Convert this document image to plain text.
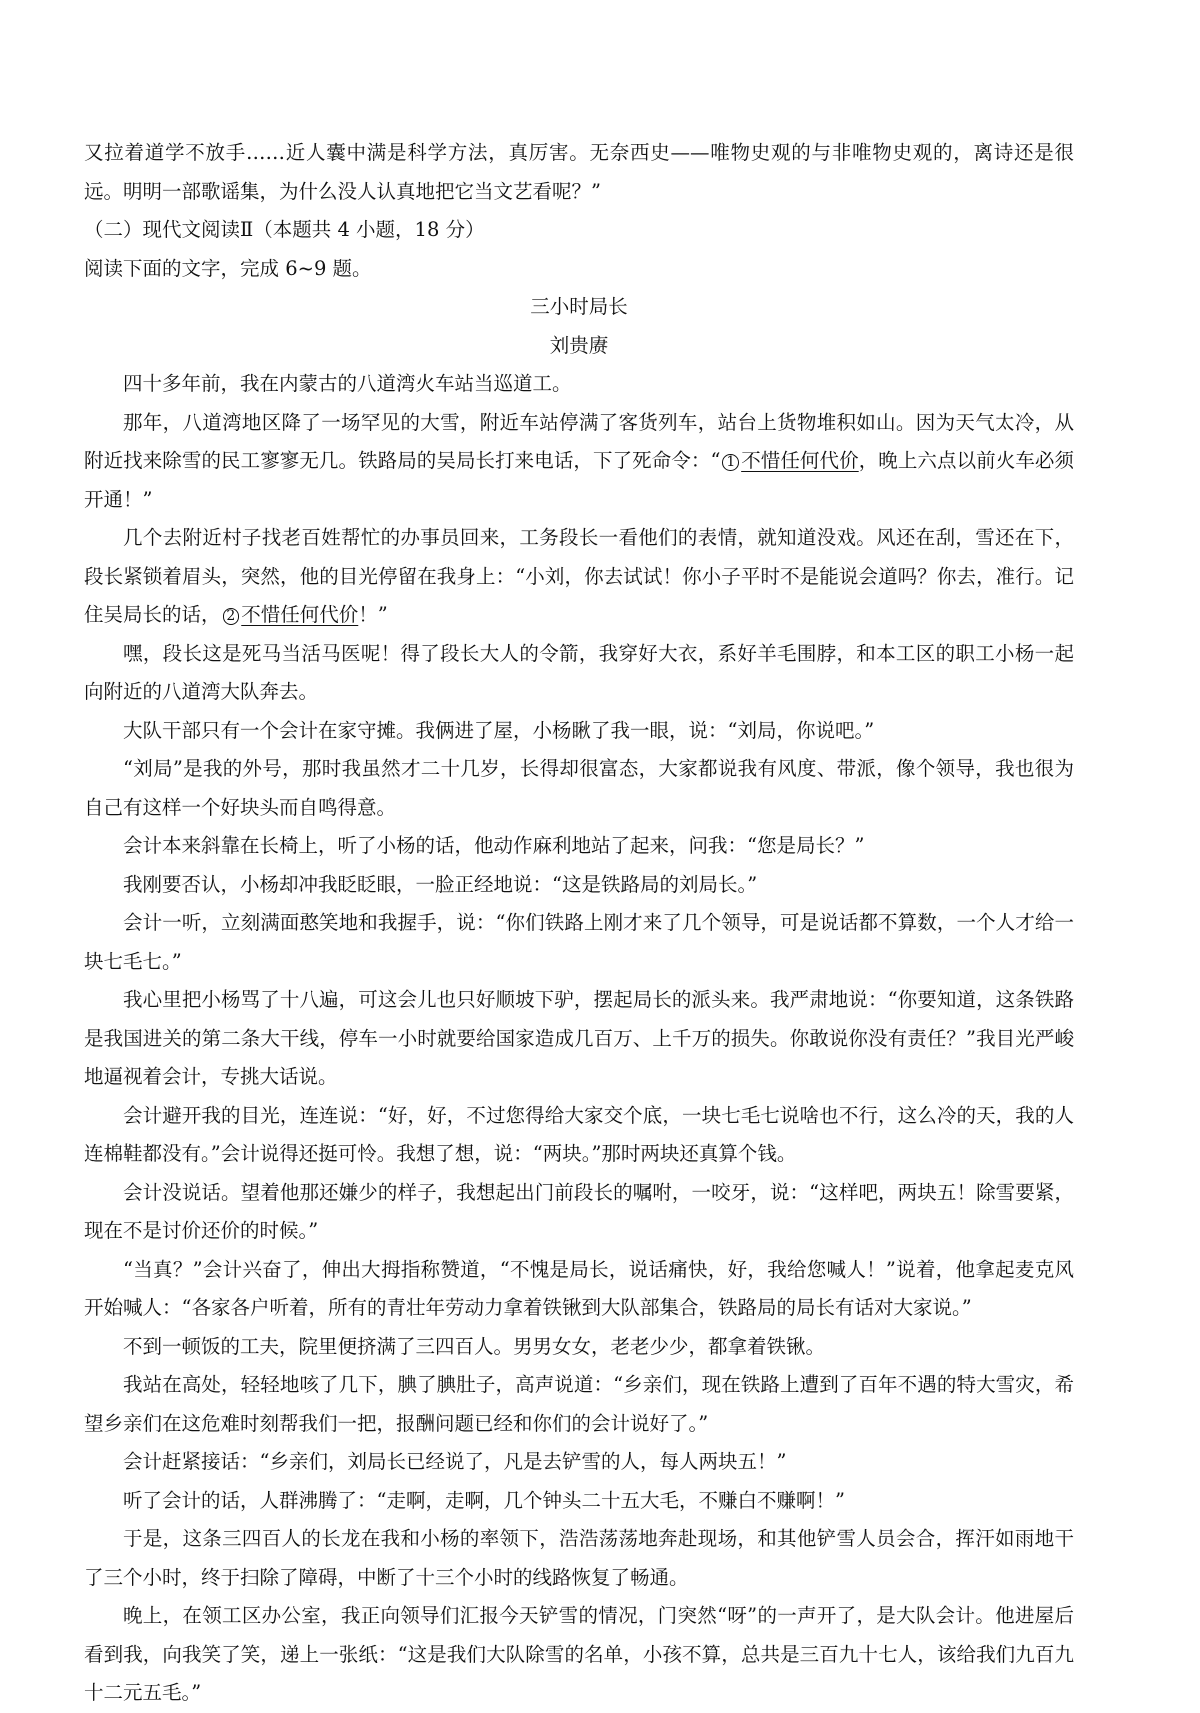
又拉着道学不放手……近人囊中满是科学方法，真厉害。无奈西史——唯物史观的与非唯物史观的，离诗还是很远。明明一部歌谣集，为什么没人认真地把它当文艺看呢？”

（二）现代文阅读Ⅱ（本题共 4 小题，18 分）

阅读下面的文字，完成 6~9 题。

三小时局长

刘贵赓

四十多年前，我在内蒙古的八道湾火车站当巡道工。

那年，八道湾地区降了一场罕见的大雪，附近车站停满了客货列车，站台上货物堆积如山。因为天气太冷，从附近找来除雪的民工寥寥无几。铁路局的吴局长打来电话，下了死命令：“ 1 不惜任何代价，晚上六点以前火车必须开通！”

几个去附近村子找老百姓帮忙的办事员回来，工务段长一看他们的表情，就知道没戏。风还在刮，雪还在下，段长紧锁着眉头，突然，他的目光停留在我身上：“小刘，你去试试！你小子平时不是能说会道吗？你去，准行。记住吴局长的话， 2 不惜任何代价！”

嘿，段长这是死马当活马医呢！得了段长大人的令箭，我穿好大衣，系好羊毛围脖，和本工区的职工小杨一起向附近的八道湾大队奔去。

大队干部只有一个会计在家守摊。我俩进了屋，小杨瞅了我一眼，说：“刘局，你说吧。”

“刘局”是我的外号，那时我虽然才二十几岁，长得却很富态，大家都说我有风度、带派，像个领导，我也很为自己有这样一个好块头而自鸣得意。

会计本来斜靠在长椅上，听了小杨的话，他动作麻利地站了起来，问我：“您是局长？”

我刚要否认，小杨却冲我眨眨眼，一脸正经地说：“这是铁路局的刘局长。”

会计一听，立刻满面憨笑地和我握手，说：“你们铁路上刚才来了几个领导，可是说话都不算数，一个人才给一块七毛七。”

我心里把小杨骂了十八遍，可这会儿也只好顺坡下驴，摆起局长的派头来。我严肃地说：“你要知道，这条铁路是我国进关的第二条大干线，停车一小时就要给国家造成几百万、上千万的损失。你敢说你没有责任？”我目光严峻地逼视着会计，专挑大话说。

会计避开我的目光，连连说：“好，好，不过您得给大家交个底，一块七毛七说啥也不行，这么冷的天，我的人连棉鞋都没有。”会计说得还挺可怜。我想了想，说：“两块。”那时两块还真算个钱。

会计没说话。望着他那还嫌少的样子，我想起出门前段长的嘱咐，一咬牙，说：“这样吧，两块五！除雪要紧，现在不是讨价还价的时候。”

“当真？”会计兴奋了，伸出大拇指称赞道，“不愧是局长，说话痛快，好，我给您喊人！”说着，他拿起麦克风开始喊人：“各家各户听着，所有的青壮年劳动力拿着铁锹到大队部集合，铁路局的局长有话对大家说。”

不到一顿饭的工夫，院里便挤满了三四百人。男男女女，老老少少，都拿着铁锹。

我站在高处，轻轻地咳了几下，腆了腆肚子，高声说道：“乡亲们，现在铁路上遭到了百年不遇的特大雪灾，希望乡亲们在这危难时刻帮我们一把，报酬问题已经和你们的会计说好了。”

会计赶紧接话：“乡亲们，刘局长已经说了，凡是去铲雪的人，每人两块五！”

听了会计的话，人群沸腾了：“走啊，走啊，几个钟头二十五大毛，不赚白不赚啊！”

于是，这条三四百人的长龙在我和小杨的率领下，浩浩荡荡地奔赴现场，和其他铲雪人员会合，挥汗如雨地干了三个小时，终于扫除了障碍，中断了十三个小时的线路恢复了畅通。

晚上，在领工区办公室，我正向领导们汇报今天铲雪的情况，门突然“呀”的一声开了，是大队会计。他进屋后看到我，向我笑了笑，递上一张纸：“这是我们大队除雪的名单，小孩不算，总共是三百九十七人，该给我们九百九十二元五毛。”
